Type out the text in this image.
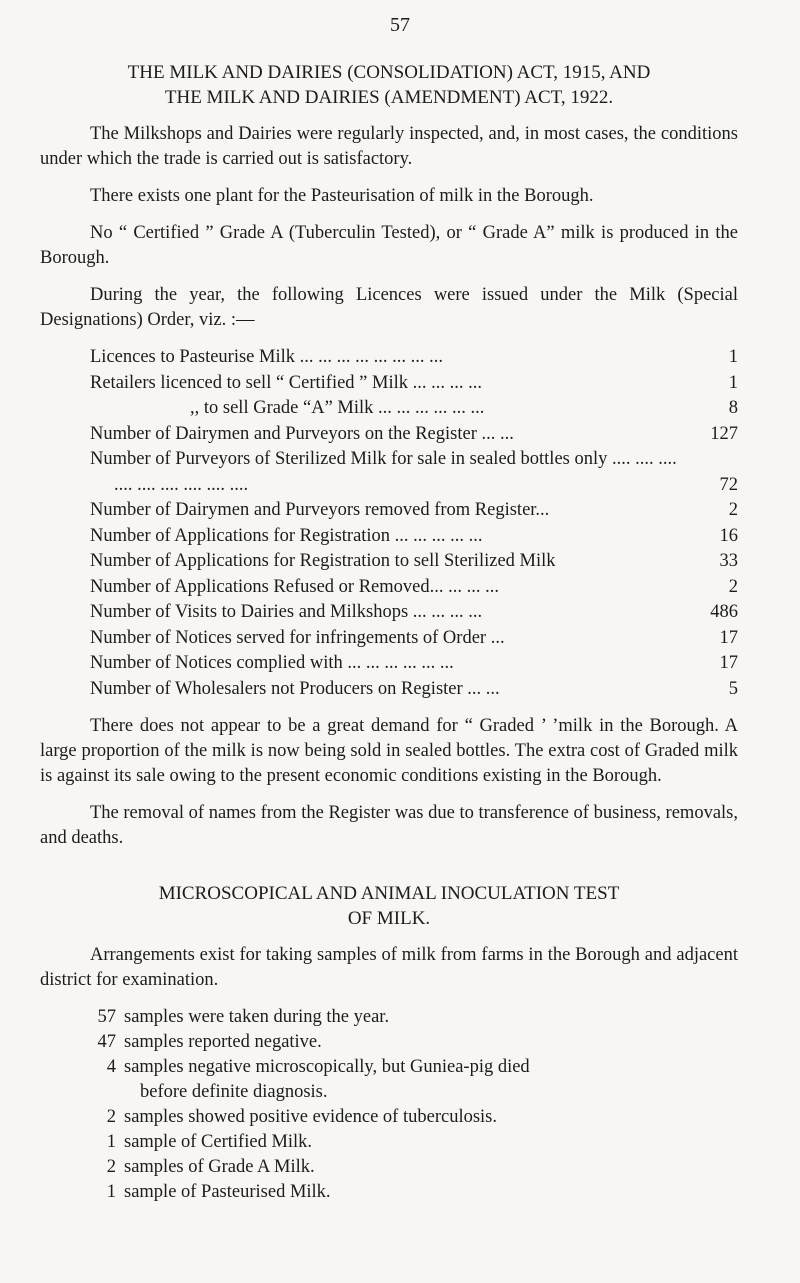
57

THE MILK AND DAIRIES (CONSOLIDATION) ACT, 1915, AND

THE MILK AND DAIRIES (AMENDMENT) ACT, 1922.

The Milkshops and Dairies were regularly inspected, and, in most cases, the conditions under which the trade is carried out is satisfactory.

There exists one plant for the Pasteurisation of milk in the Borough.

No “ Certified ” Grade A (Tuberculin Tested), or “ Grade A” milk is produced in the Borough.

During the year, the following Licences were issued under the Milk (Special Designations) Order, viz. :—

Licences to Pasteurise Milk ... ... ... ... ... ... ... ...	1
Retailers licenced to sell “ Certified ” Milk ... ... ... ...	1
,, to sell Grade “A” Milk ... ... ... ... ... ...	8
Number of Dairymen and Purveyors on the Register ... ...	127
Number of Purveyors of Sterilized Milk for sale in sealed bottles only .... .... .... .... .... .... .... .... ....	72
Number of Dairymen and Purveyors removed from Register...	2
Number of Applications for Registration ... ... ... ... ...	16
Number of Applications for Registration to sell Sterilized Milk	33
Number of Applications Refused or Removed... ... ... ...	2
Number of Visits to Dairies and Milkshops ... ... ... ...	486
Number of Notices served for infringements of Order ...	17
Number of Notices complied with ... ... ... ... ... ...	17
Number of Wholesalers not Producers on Register ... ...	5

There does not appear to be a great demand for “ Graded ’ ’milk in the Borough. A large proportion of the milk is now being sold in sealed bottles. The extra cost of Graded milk is against its sale owing to the present economic conditions existing in the Borough.

The removal of names from the Register was due to transference of business, removals, and deaths.

MICROSCOPICAL AND ANIMAL INOCULATION TEST

OF MILK.

Arrangements exist for taking samples of milk from farms in the Borough and adjacent district for examination.

57 samples were taken during the year.
47 samples reported negative.
4 samples negative microscopically, but Guniea-pig died
before definite diagnosis.
2 samples showed positive evidence of tuberculosis.
1 sample of Certified Milk.
2 samples of Grade A Milk.
1 sample of Pasteurised Milk.
